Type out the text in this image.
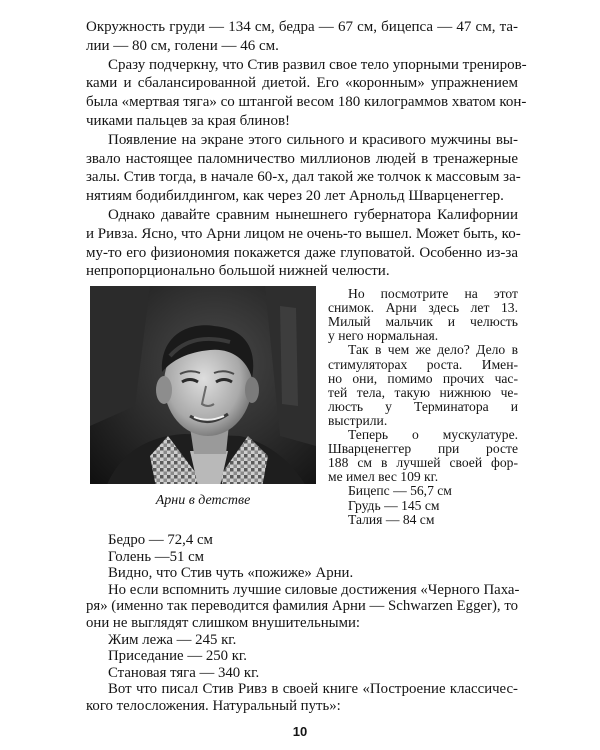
Окружность груди — 134 см, бедра — 67 см, бицепса — 47 см, та-
лии — 80 см, голени — 46 см.
Сразу подчеркну, что Стив развил свое тело упорными трениров-
ками и сбалансированной диетой. Его «коронным» упражнением
была «мертвая тяга» со штангой весом 180 килограммов хватом кон-
чиками пальцев за края блинов!
Появление на экране этого сильного и красивого мужчины вы-
звало настоящее паломничество миллионов людей в тренажерные
залы. Стив тогда, в начале 60-х, дал такой же толчок к массовым за-
нятиям бодибилдингом, как через 20 лет Арнольд Шварценеггер.
Однако давайте сравним нынешнего губернатора Калифорнии
и Ривза. Ясно, что Арни лицом не очень-то вышел. Может быть, ко-
му-то его физиономия покажется даже глуповатой. Особенно из-за
непропорционально большой нижней челюсти.
Арни в детстве
Но посмотрите на этот
снимок. Арни здесь лет 13.
Милый мальчик и челюсть
у него нормальная.
Так в чем же дело? Дело в
стимуляторах роста. Имен-
но они, помимо прочих час-
тей тела, такую нижнюю че-
люсть у Терминатора и
выстрили.
Теперь о мускулатуре.
Шварценеггер при росте
188 см в лучшей своей фор-
ме имел вес 109 кг.
Бицепс — 56,7 см
Грудь — 145 см
Талия — 84 см
Бедро — 72,4 см
Голень —51 см
Видно, что Стив чуть «пожиже» Арни.
Но если вспомнить лучшие силовые достижения «Черного Паха-
ря» (именно так переводится фамилия Арни — Schwarzen Egger), то
они не выглядят слишком внушительными:
Жим лежа — 245 кг.
Приседание — 250 кг.
Становая тяга — 340 кг.
Вот что писал Стив Ривз в своей книге «Построение классичес-
кого телосложения. Натуральный путь»:
10
